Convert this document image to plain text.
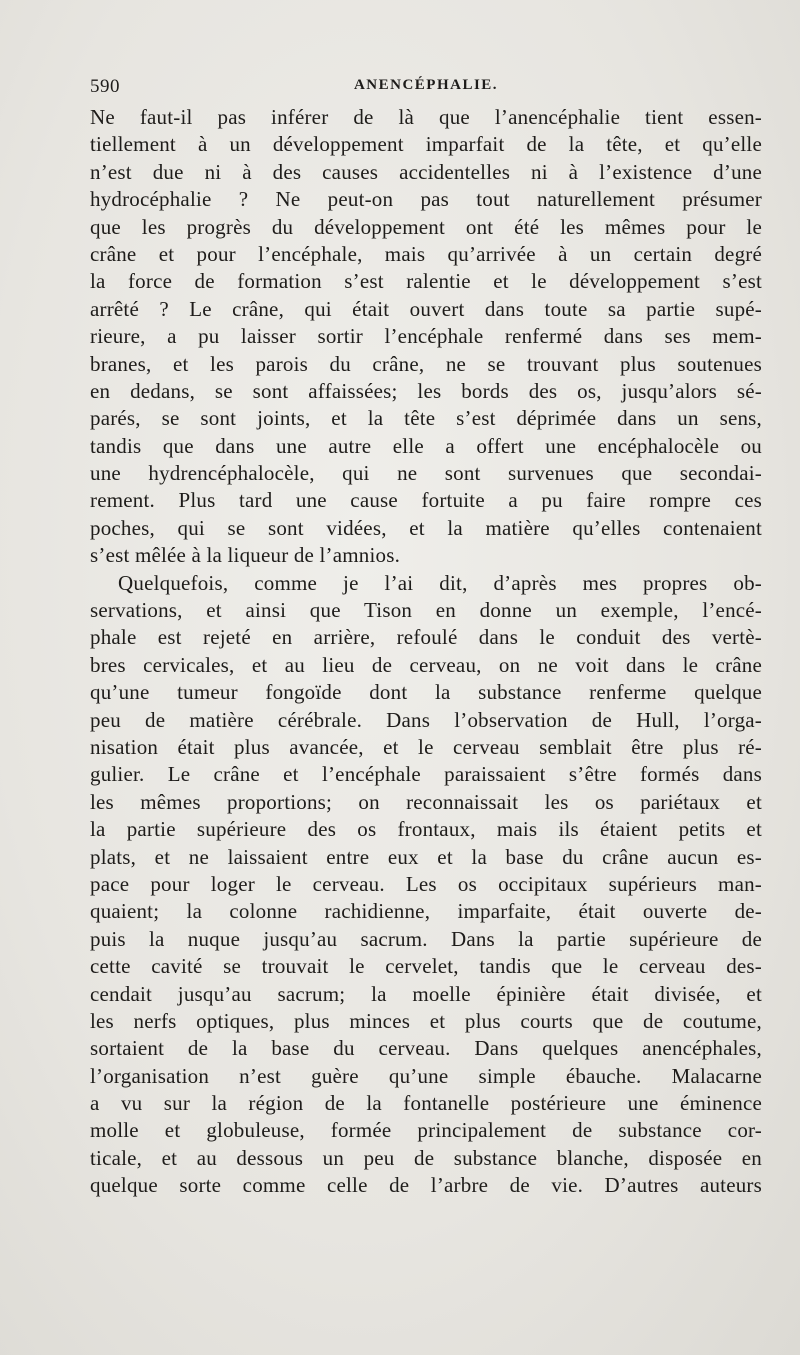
590	ANENCÉPHALIE.
Ne faut-il pas inférer de là que l’anencéphalie tient essen-
tiellement à un développement imparfait de la tête, et qu’elle
n’est due ni à des causes accidentelles ni à l’existence d’une
hydrocéphalie ? Ne peut-on pas tout naturellement présumer
que les progrès du développement ont été les mêmes pour le
crâne et pour l’encéphale, mais qu’arrivée à un certain degré
la force de formation s’est ralentie et le développement s’est
arrêté ? Le crâne, qui était ouvert dans toute sa partie supé-
rieure, a pu laisser sortir l’encéphale renfermé dans ses mem-
branes, et les parois du crâne, ne se trouvant plus soutenues
en dedans, se sont affaissées; les bords des os, jusqu’alors sé-
parés, se sont joints, et la tête s’est déprimée dans un sens,
tandis que dans une autre elle a offert une encéphalocèle ou
une hydrencéphalocèle, qui ne sont survenues que secondai-
rement. Plus tard une cause fortuite a pu faire rompre ces
poches, qui se sont vidées, et la matière qu’elles contenaient
s’est mêlée à la liqueur de l’amnios.
Quelquefois, comme je l’ai dit, d’après mes propres ob-
servations, et ainsi que Tison en donne un exemple, l’encé-
phale est rejeté en arrière, refoulé dans le conduit des vertè-
bres cervicales, et au lieu de cerveau, on ne voit dans le crâne
qu’une tumeur fongoïde dont la substance renferme quelque
peu de matière cérébrale. Dans l’observation de Hull, l’orga-
nisation était plus avancée, et le cerveau semblait être plus ré-
gulier. Le crâne et l’encéphale paraissaient s’être formés dans
les mêmes proportions; on reconnaissait les os pariétaux et
la partie supérieure des os frontaux, mais ils étaient petits et
plats, et ne laissaient entre eux et la base du crâne aucun es-
pace pour loger le cerveau. Les os occipitaux supérieurs man-
quaient; la colonne rachidienne, imparfaite, était ouverte de-
puis la nuque jusqu’au sacrum. Dans la partie supérieure de
cette cavité se trouvait le cervelet, tandis que le cerveau des-
cendait jusqu’au sacrum; la moelle épinière était divisée, et
les nerfs optiques, plus minces et plus courts que de coutume,
sortaient de la base du cerveau. Dans quelques anencéphales,
l’organisation n’est guère qu’une simple ébauche. Malacarne
a vu sur la région de la fontanelle postérieure une éminence
molle et globuleuse, formée principalement de substance cor-
ticale, et au dessous un peu de substance blanche, disposée en
quelque sorte comme celle de l’arbre de vie. D’autres auteurs
